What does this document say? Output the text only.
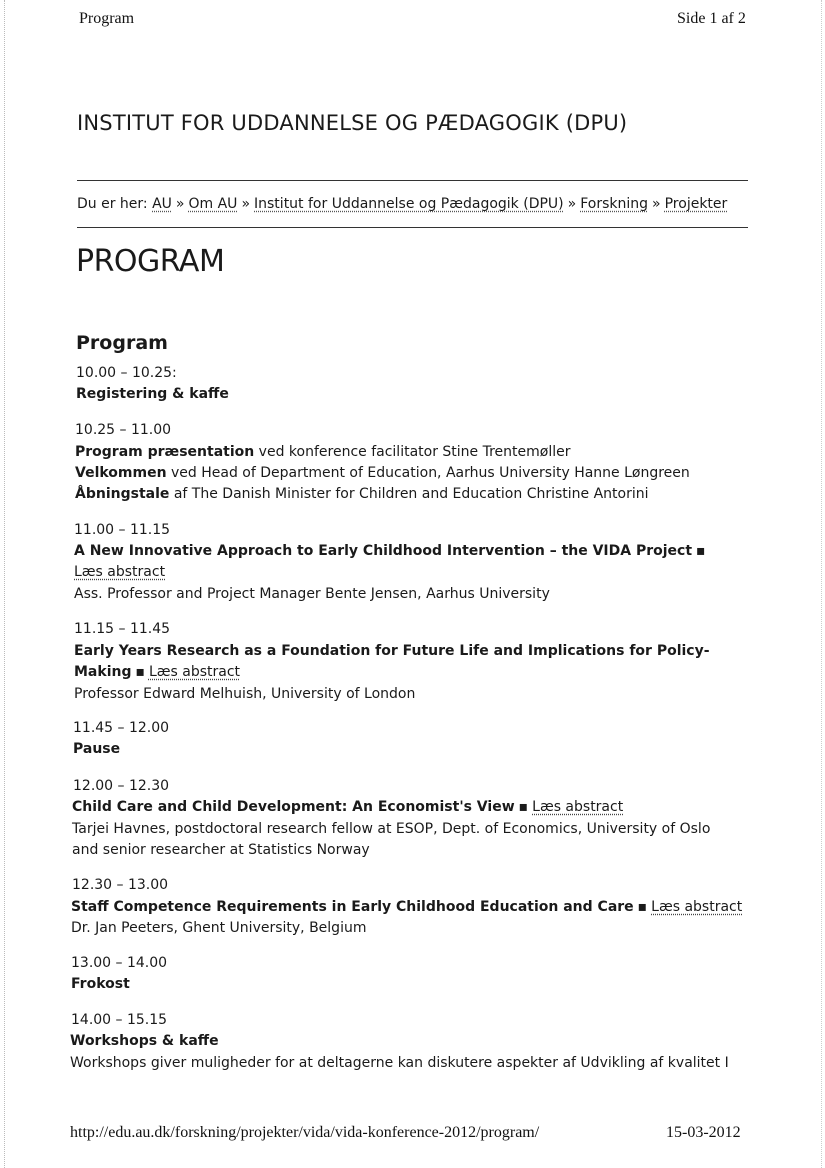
Program	Side 1 af 2
INSTITUT FOR UDDANNELSE OG PÆDAGOGIK (DPU)
Du er her: AU » Om AU » Institut for Uddannelse og Pædagogik (DPU) » Forskning » Projekter
PROGRAM
Program
10.00 – 10.25:
Registering & kaffe
10.25 – 11.00
Program præsentation ved konference facilitator Stine Trentemøller
Velkommen ved Head of Department of Education, Aarhus University Hanne Løngreen
Åbningstale af The Danish Minister for Children and Education Christine Antorini
11.00 – 11.15
A New Innovative Approach to Early Childhood Intervention – the VIDA Project ▪
Læs abstract
Ass. Professor and Project Manager Bente Jensen, Aarhus University
11.15 – 11.45
Early Years Research as a Foundation for Future Life and Implications for Policy-
Making ▪ Læs abstract
Professor Edward Melhuish, University of London
11.45 – 12.00
Pause
12.00 – 12.30
Child Care and Child Development: An Economist's View ▪ Læs abstract
Tarjei Havnes, postdoctoral research fellow at ESOP, Dept. of Economics, University of Oslo
and senior researcher at Statistics Norway
12.30 – 13.00
Staff Competence Requirements in Early Childhood Education and Care ▪ Læs abstract
Dr. Jan Peeters, Ghent University, Belgium
13.00 – 14.00
Frokost
14.00 – 15.15
Workshops & kaffe
Workshops giver muligheder for at deltagerne kan diskutere aspekter af Udvikling af kvalitet I
http://edu.au.dk/forskning/projekter/vida/vida-konference-2012/program/	15-03-2012
